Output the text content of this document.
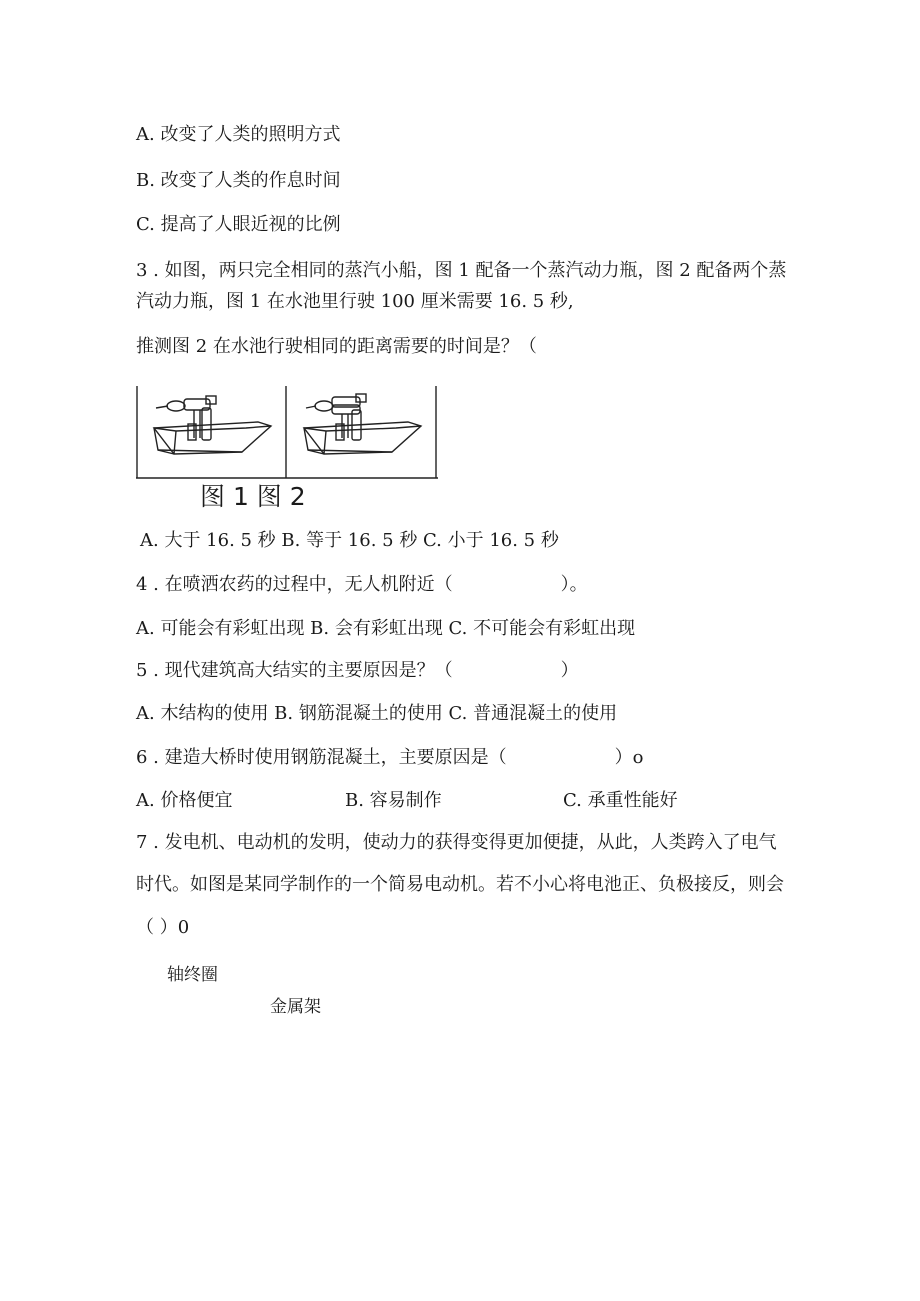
A. 改变了人类的照明方式
B. 改变了人类的作息时间
C. 提高了人眼近视的比例
3 . 如图，两只完全相同的蒸汽小船，图 1 配备一个蒸汽动力瓶，图 2 配备两个蒸
汽动力瓶，图 1 在水池里行驶 100 厘米需要 16. 5 秒,
推测图 2 在水池行驶相同的距离需要的时间是？（
图 1 图 2
A. 大于 16. 5 秒 B. 等于 16. 5 秒 C. 小于 16. 5 秒
4 . 在喷洒农药的过程中，无人机附近（　　　　　　）。
A. 可能会有彩虹出现 B. 会有彩虹出现 C. 不可能会有彩虹出现
5 . 现代建筑高大结实的主要原因是？（　　　　　　）
A. 木结构的使用 B. 钢筋混凝土的使用 C. 普通混凝土的使用
6 . 建造大桥时使用钢筋混凝土，主要原因是（　　　　　　）o
A. 价格便宜	B. 容易制作	C. 承重性能好
7 . 发电机、电动机的发明，使动力的获得变得更加便捷，从此，人类跨入了电气
时代。如图是某同学制作的一个简易电动机。若不小心将电池正、负极接反，则会
（ ）0
轴终圈
金属架
